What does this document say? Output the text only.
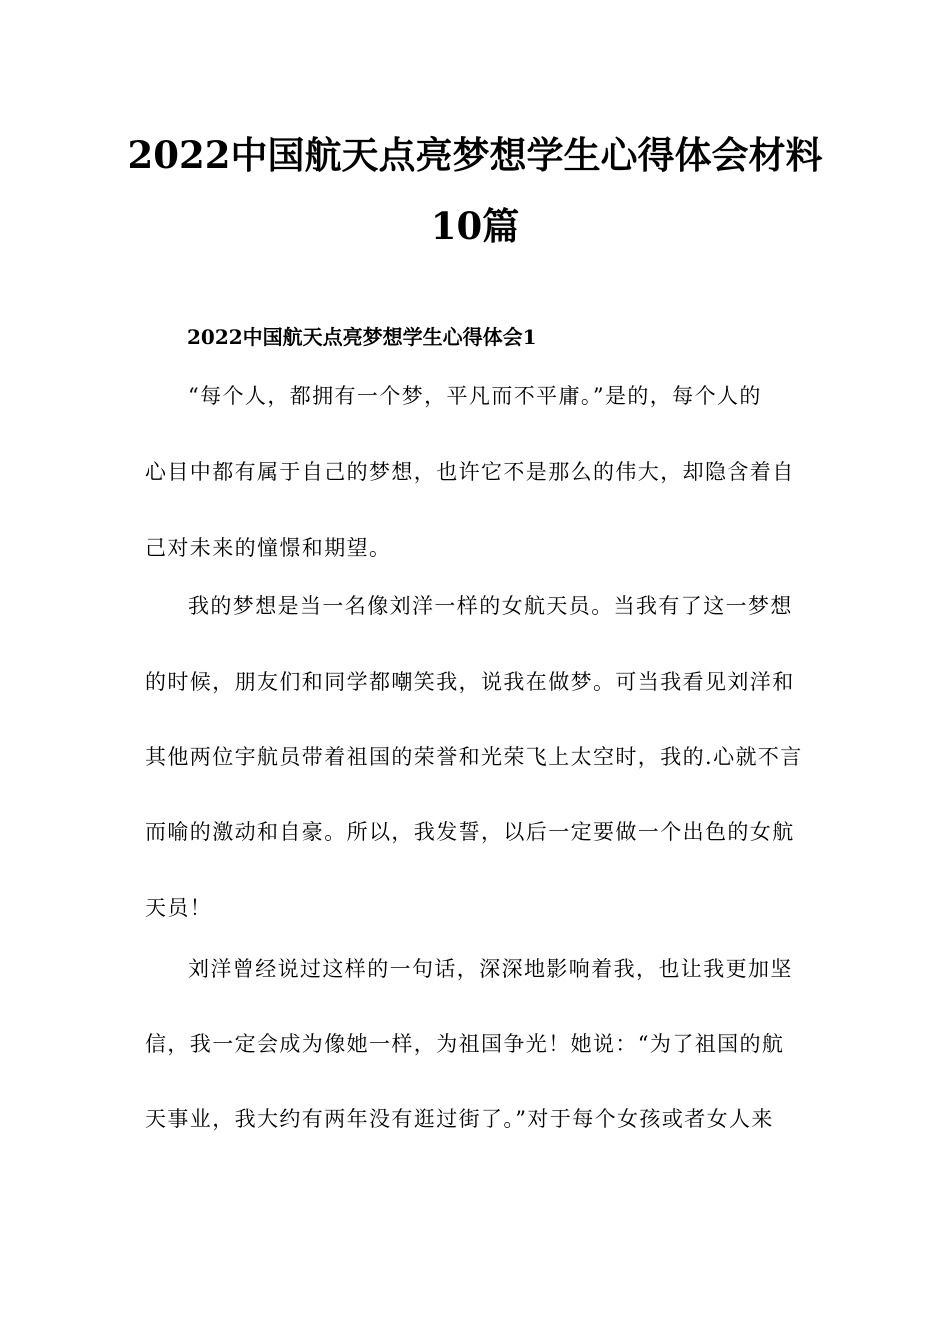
2022中国航天点亮梦想学生心得体会材料
10篇
2022中国航天点亮梦想学生心得体会1
“每个人，都拥有一个梦，平凡而不平庸。”是的，每个人的
心目中都有属于自己的梦想，也许它不是那么的伟大，却隐含着自
己对未来的憧憬和期望。
我的梦想是当一名像刘洋一样的女航天员。当我有了这一梦想
的时候，朋友们和同学都嘲笑我，说我在做梦。可当我看见刘洋和
其他两位宇航员带着祖国的荣誉和光荣飞上太空时，我的.心就不言
而喻的激动和自豪。所以，我发誓，以后一定要做一个出色的女航
天员！
刘洋曾经说过这样的一句话，深深地影响着我，也让我更加坚
信，我一定会成为像她一样，为祖国争光！她说：“为了祖国的航
天事业，我大约有两年没有逛过街了。”对于每个女孩或者女人来
